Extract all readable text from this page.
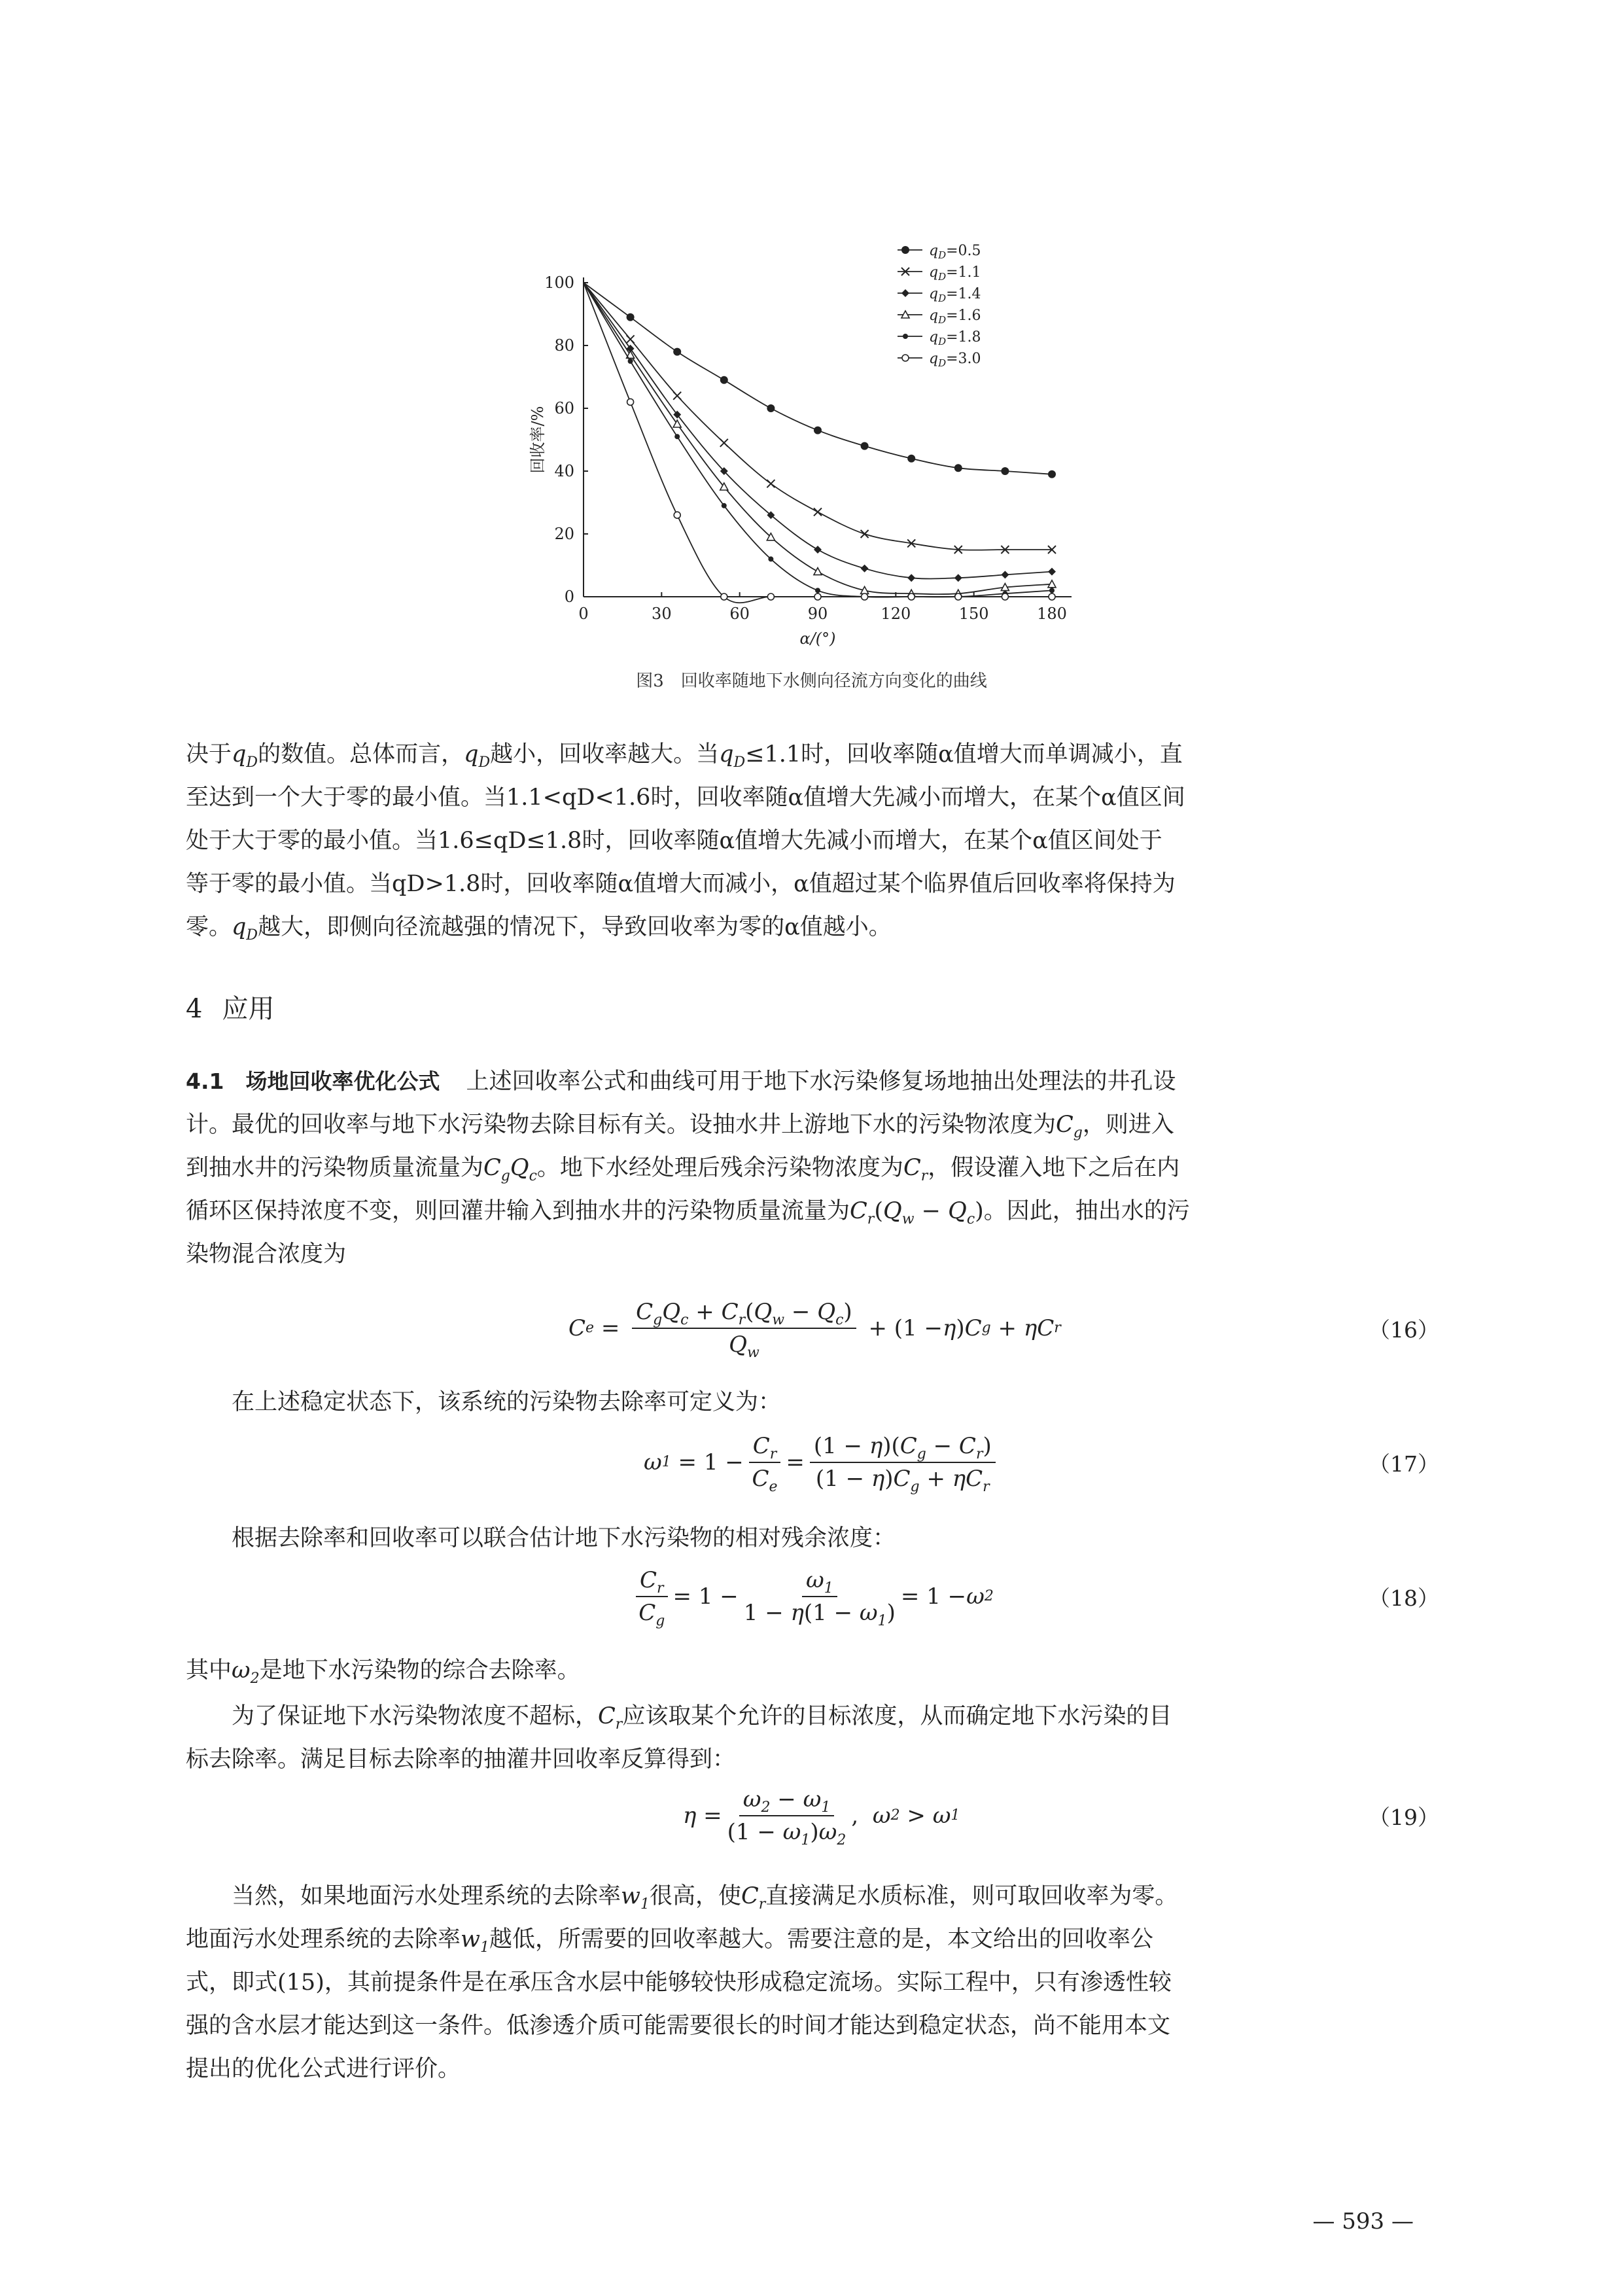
0	30	60	90	120	150	180
0
20
40
60
80
100
α/(°)
回收率/%
$q_D=0.5$
$q_D=1.1$
$q_D=1.4$
$q_D=1.6$
$q_D=1.8$
$q_D=3.0$
图3　回收率随地下水侧向径流方向变化的曲线
决于$q_D$的数值。总体而言，$q_D$越小，回收率越大。当$q_D\le 1.1$时，回收率随α值增大而单调减小，直
至达到一个大于零的最小值。当1.1<qD<1.6时，回收率随α值增大先减小而增大，在某个α值区间
处于大于零的最小值。当1.6≤qD≤1.8时，回收率随α值增大先减小而增大，在某个α值区间处于
等于零的最小值。当qD>1.8时，回收率随α值增大而减小，α值超过某个临界值后回收率将保持为
零。$q_D$越大，即侧向径流越强的情况下，导致回收率为零的α值越小。
4 应用
4.1　场地回收率优化公式 上述回收率公式和曲线可用于地下水污染修复场地抽出处理法的井孔设
计。最优的回收率与地下水污染物去除目标有关。设抽水井上游地下水的污染物浓度为$C_g$，则进入
到抽水井的污染物质量流量为$C_gQ_c$。地下水经处理后残余污染物浓度为$C_r$，假设灌入地下之后在内
循环区保持浓度不变，则回灌井输入到抽水井的污染物质量流量为$C_r(Q_w - Q_c)$。因此，抽出水的污
染物混合浓度为
C $e = \frac{C_gQ_c + C_r(Q_w - Q_c)}{Q_w} + (1 - \eta$ ) C g + ηC r	（16）
在上述稳定状态下，该系统的污染物去除率可定义为：
ω $1 = 1 - \frac{C_r}{C_e} = \frac{(1 - \eta)(C_g - C_r)}{(1 - \eta)C_g + \eta C_r}$	（17）
根据去除率和回收率可以联合估计地下水污染物的相对残余浓度：
$\frac{C_r}{C_g} = 1 - \frac{\omega_1}{1 - \eta(1 - \omega_1)} = 1 - \omega$ 2	（18）
其中$\omega_2$是地下水污染物的综合去除率。
为了保证地下水污染物浓度不超标，$C_r$应该取某个允许的目标浓度，从而确定地下水污染的目
标去除率。满足目标去除率的抽灌井回收率反算得到：
$\eta = \frac{\omega_2 - \omega_1}{(1 - \omega_1)\omega_2}$ , ω 2 > ω 1	（19）
当然，如果地面污水处理系统的去除率$w_1$很高，使$C_r$直接满足水质标准，则可取回收率为零。
地面污水处理系统的去除率$w_1$越低，所需要的回收率越大。需要注意的是，本文给出的回收率公
式，即式(15)，其前提条件是在承压含水层中能够较快形成稳定流场。实际工程中，只有渗透性较
强的含水层才能达到这一条件。低渗透介质可能需要很长的时间才能达到稳定状态，尚不能用本文
提出的优化公式进行评价。
— 593 —
